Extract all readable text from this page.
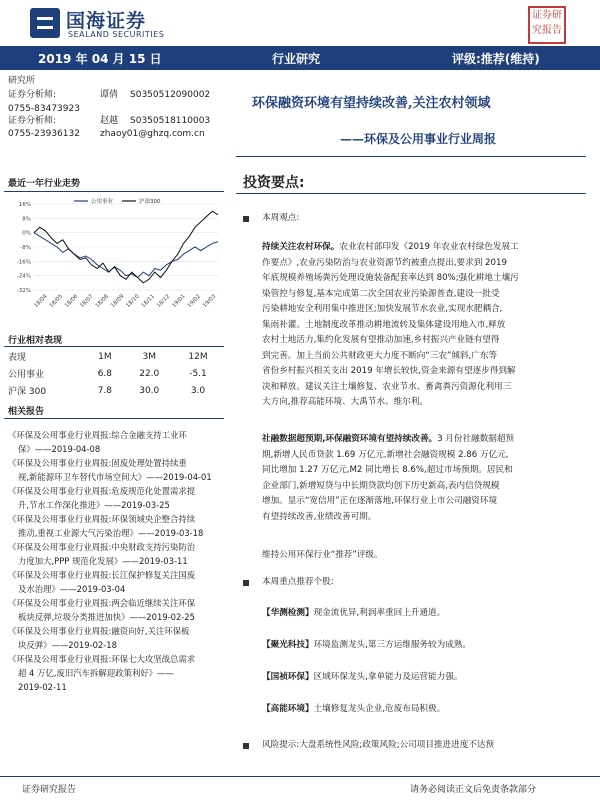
国海证券
SEALAND SECURITIES
证券研究报告
2019 年 04 月 15 日	行业研究	评级:推荐(维持)
研究所
证券分析师:	谭倩 S0350512090002
0755-83473923
证券分析师:	赵越 S0350518110003
0755-23936132 zhaoy01@ghzq.com.cn
环保融资环境有望持续改善,关注农村领域
——环保及公用事业行业周报
最近一年行业走势
16%
8%
0%
-8%
-16%
-24%
-32%
18/04 18/05 18/06 18/07 18/08 18/09 18/10 18/11 18/12 19/01 19/02 19/03
公用事业	沪深300
行业相对表现
表现	1M	3M	12M
公用事业	6.8	22.0	-5.1
沪深 300	7.8	30.0	3.0
相关报告
《环保及公用事业行业周报:综合金融支持工业环
保》——2019-04-08
《环保及公用事业行业周报:固废处理处置持续重
视,新能源环卫车替代市场空间大》——2019-04-01
《环保及公用事业行业周报:危废规范化处置需求提
升,节水工作深化推进》——2019-03-25
《环保及公用事业行业周报:环保领域央企整合持续
推动,重视工业源大气污染治理》——2019-03-18
《环保及公用事业行业周报:中央财政支持污染防治
力度加大,PPP 规范化发展》——2019-03-11
《环保及公用事业行业周报:长江保护修复关注国废
及水治理》——2019-03-04
《环保及公用事业行业周报:两会临近继续关注环保
板块反弹,垃圾分类推进加快》——2019-02-25
《环保及公用事业行业周报:融资向好,关注环保板
块反弹》——2019-02-18
《环保及公用事业行业周报:环保七大攻坚战总需求
超 4 万亿,废旧汽车拆解迎政策利好》——
2019-02-11
投资要点:
本周观点:
持续关注农村环保。农业农村部印发《2019 年农业农村绿色发展工
作要点》,农业污染防治与农业资源节约被重点提出,要求到 2019
年底规模养殖场粪污处理设施装备配套率达到 80%;强化耕地土壤污
染管控与修复,基本完成第二次全国农业污染源普查,建设一批受
污染耕地安全利用集中推进区;加快发展节水农业,实现水肥耦合,
集雨补灌。土地制度改革推动耕地流转及集体建设用地入市,释放
农村土地活力,集约化发展有望推动加速,乡村振兴产业链有望得
到完善。加上当前公共财政更大力度不断向“三农”倾斜,广东等
省份乡村振兴相关支出 2019 年增长较快,资金来源有望逐步得到解
决和释放。建议关注土壤修复、农业节水、畜禽粪污资源化利用三
大方向,推荐高能环境、大禹节水、维尔利。
社融数据超预期,环保融资环境有望持续改善。3 月份社融数据超预
期,新增人民币贷款 1.69 万亿元,新增社会融资规模 2.86 万亿元,
同比增加 1.27 万亿元,M2 同比增长 8.6%,超过市场预期。居民和
企业部门,新增短贷与中长期贷款均创下历史新高,表内信贷规模
增加。显示“宽信用”正在逐渐落地,环保行业上市公司融资环境
有望持续改善,业绩改善可期。
维持公用环保行业“推荐”评级。
本周重点推荐个股:
【华测检测】现金流优异,利润率重回上升通道。
【聚光科技】环境监测龙头,第三方运维服务较为成熟。
【国祯环保】区域环保龙头,拿单能力及运营能力强。
【高能环境】土壤修复龙头企业,危废布局积极。
风险提示:大盘系统性风险;政策风险;公司项目推进进度不达预
证券研究报告	请务必阅读正文后免责条款部分
